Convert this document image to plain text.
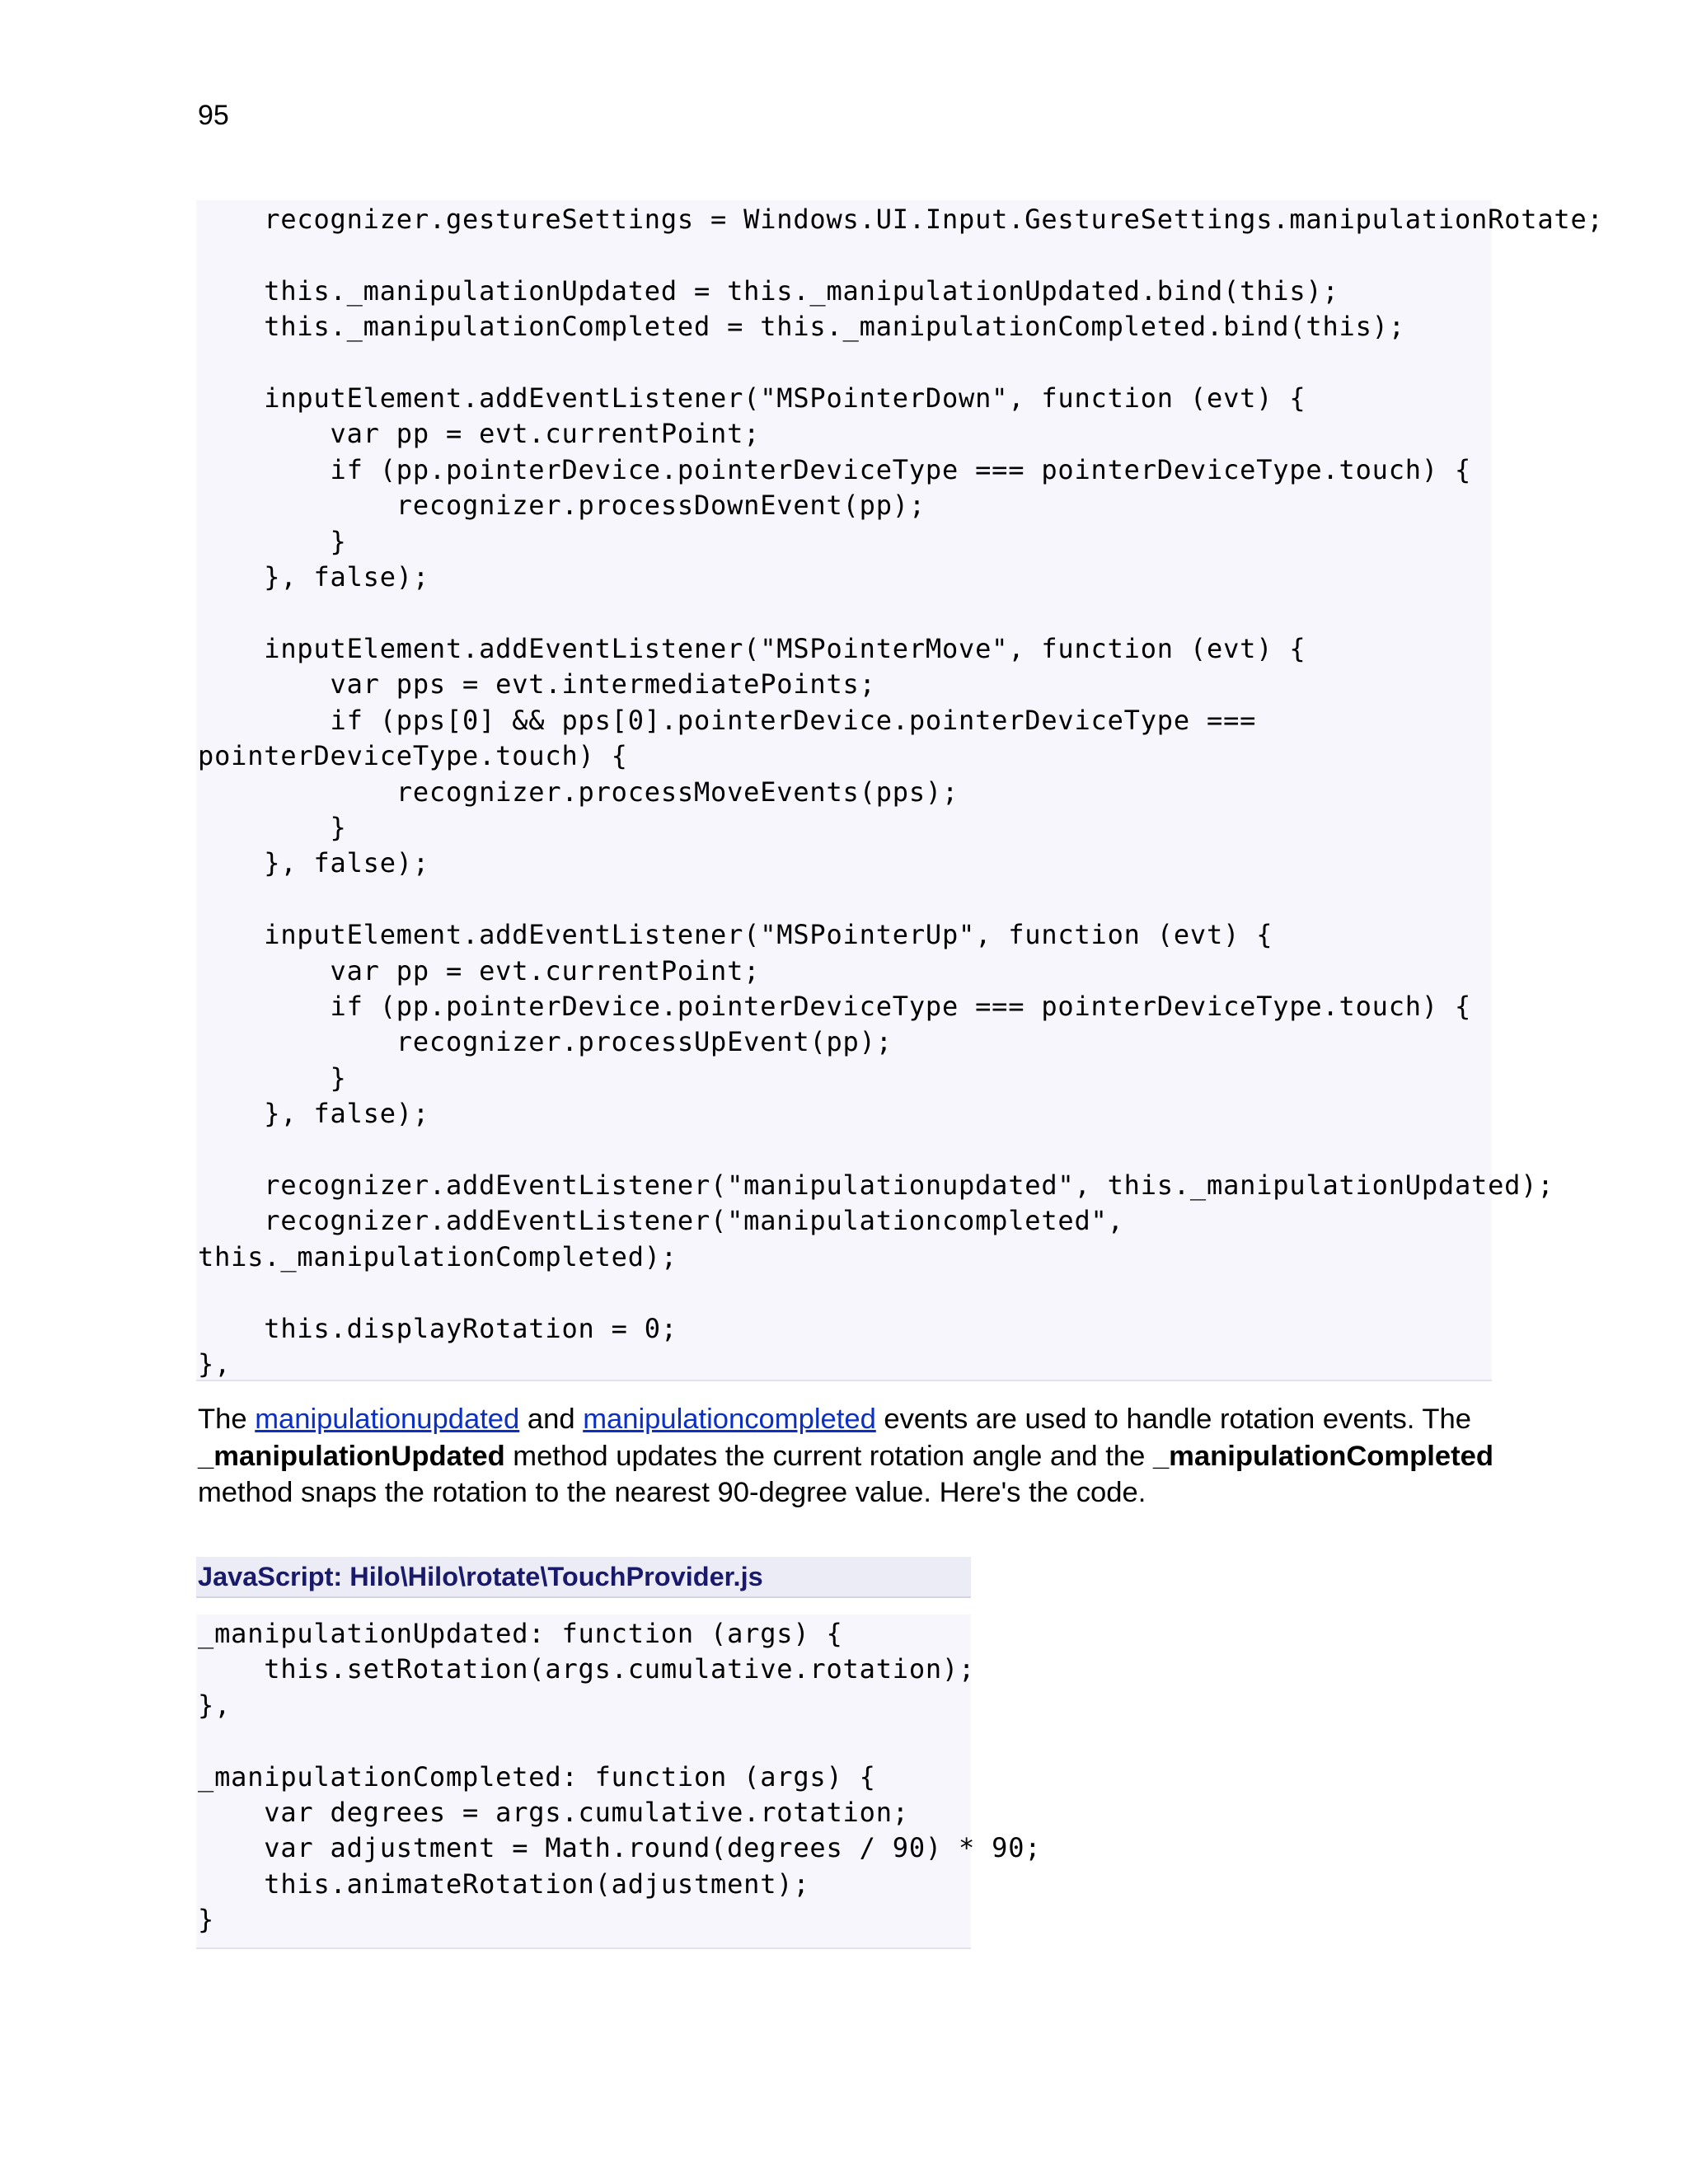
95
recognizer.gestureSettings = Windows.UI.Input.GestureSettings.manipulationRotate;

this._manipulationUpdated = this._manipulationUpdated.bind(this);
this._manipulationCompleted = this._manipulationCompleted.bind(this);

inputElement.addEventListener("MSPointerDown", function (evt) {
var pp = evt.currentPoint;
if (pp.pointerDevice.pointerDeviceType === pointerDeviceType.touch) {
recognizer.processDownEvent(pp);
}
}, false);

inputElement.addEventListener("MSPointerMove", function (evt) {
var pps = evt.intermediatePoints;
if (pps[0] && pps[0].pointerDevice.pointerDeviceType ===
pointerDeviceType.touch) {
recognizer.processMoveEvents(pps);
}
}, false);

inputElement.addEventListener("MSPointerUp", function (evt) {
var pp = evt.currentPoint;
if (pp.pointerDevice.pointerDeviceType === pointerDeviceType.touch) {
recognizer.processUpEvent(pp);
}
}, false);

recognizer.addEventListener("manipulationupdated", this._manipulationUpdated);
recognizer.addEventListener("manipulationcompleted",
this._manipulationCompleted);

this.displayRotation = 0;
},
The manipulationupdated and manipulationcompleted events are used to handle rotation events. The _manipulationUpdated method updates the current rotation angle and the _manipulationCompleted method snaps the rotation to the nearest 90-degree value. Here's the code.
JavaScript: Hilo\Hilo\rotate\TouchProvider.js
_manipulationUpdated: function (args) {
this.setRotation(args.cumulative.rotation);
},

_manipulationCompleted: function (args) {
var degrees = args.cumulative.rotation;
var adjustment = Math.round(degrees / 90) * 90;
this.animateRotation(adjustment);
}
